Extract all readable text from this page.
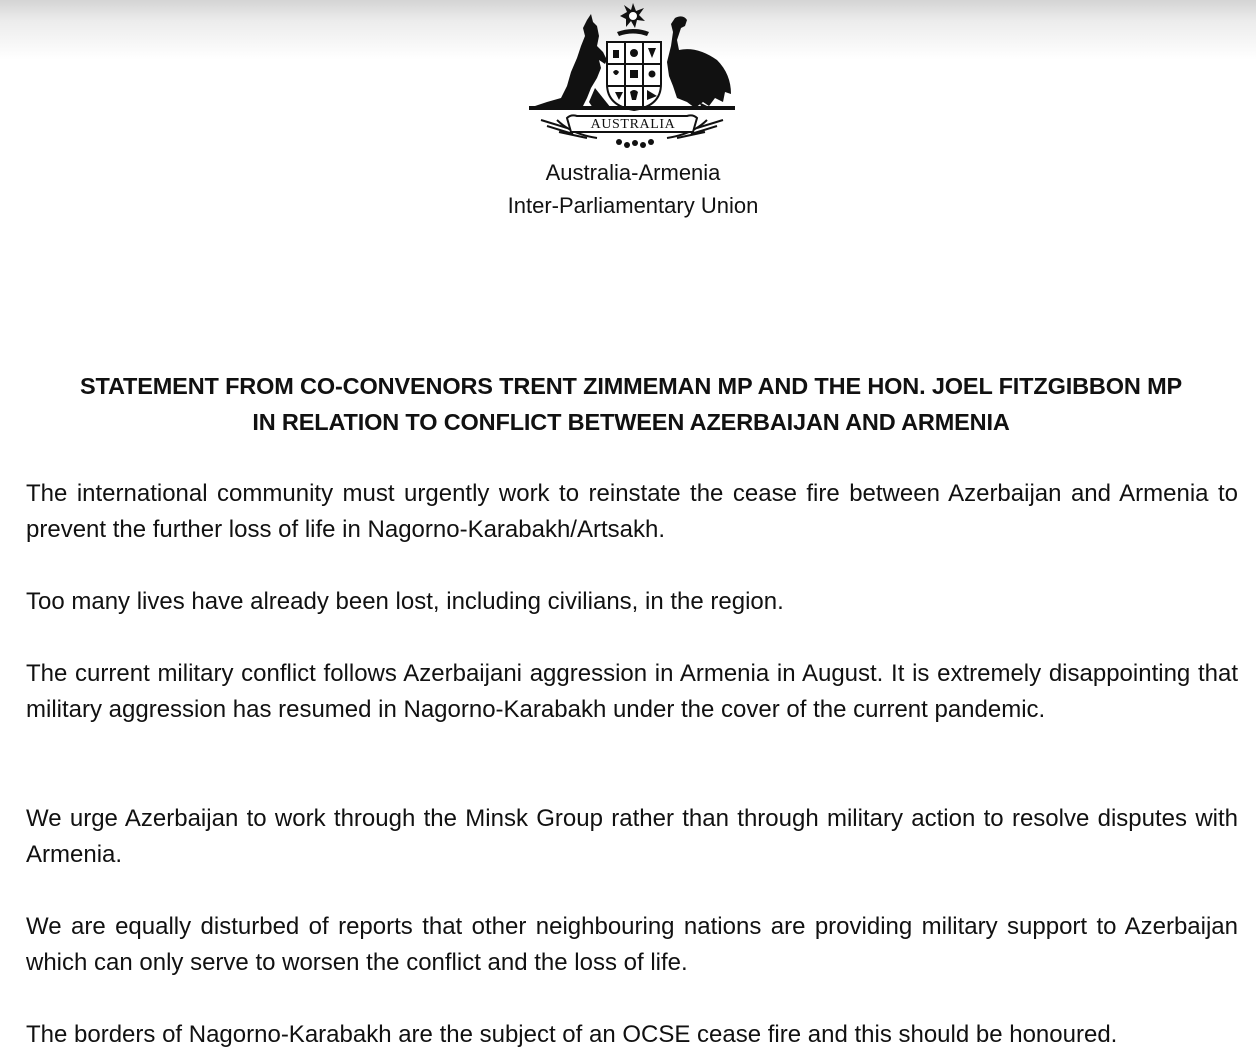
AUSTRALIA
Australia-Armenia
Inter-Parliamentary Union
STATEMENT FROM CO-CONVENORS TRENT ZIMMEMAN MP AND THE HON. JOEL FITZGIBBON MP
IN RELATION TO CONFLICT BETWEEN AZERBAIJAN AND ARMENIA

The international community must urgently work to reinstate the cease fire between Azerbaijan and Armenia to prevent the further loss of life in Nagorno-Karabakh/Artsakh.

Too many lives have already been lost, including civilians, in the region.

The current military conflict follows Azerbaijani aggression in Armenia in August. It is extremely disappointing that military aggression has resumed in Nagorno-Karabakh under the cover of the current pandemic.

We urge Azerbaijan to work through the Minsk Group rather than through military action to resolve disputes with Armenia.

We are equally disturbed of reports that other neighbouring nations are providing military support to Azerbaijan which can only serve to worsen the conflict and the loss of life.

The borders of Nagorno-Karabakh are the subject of an OCSE cease fire and this should be honoured.
